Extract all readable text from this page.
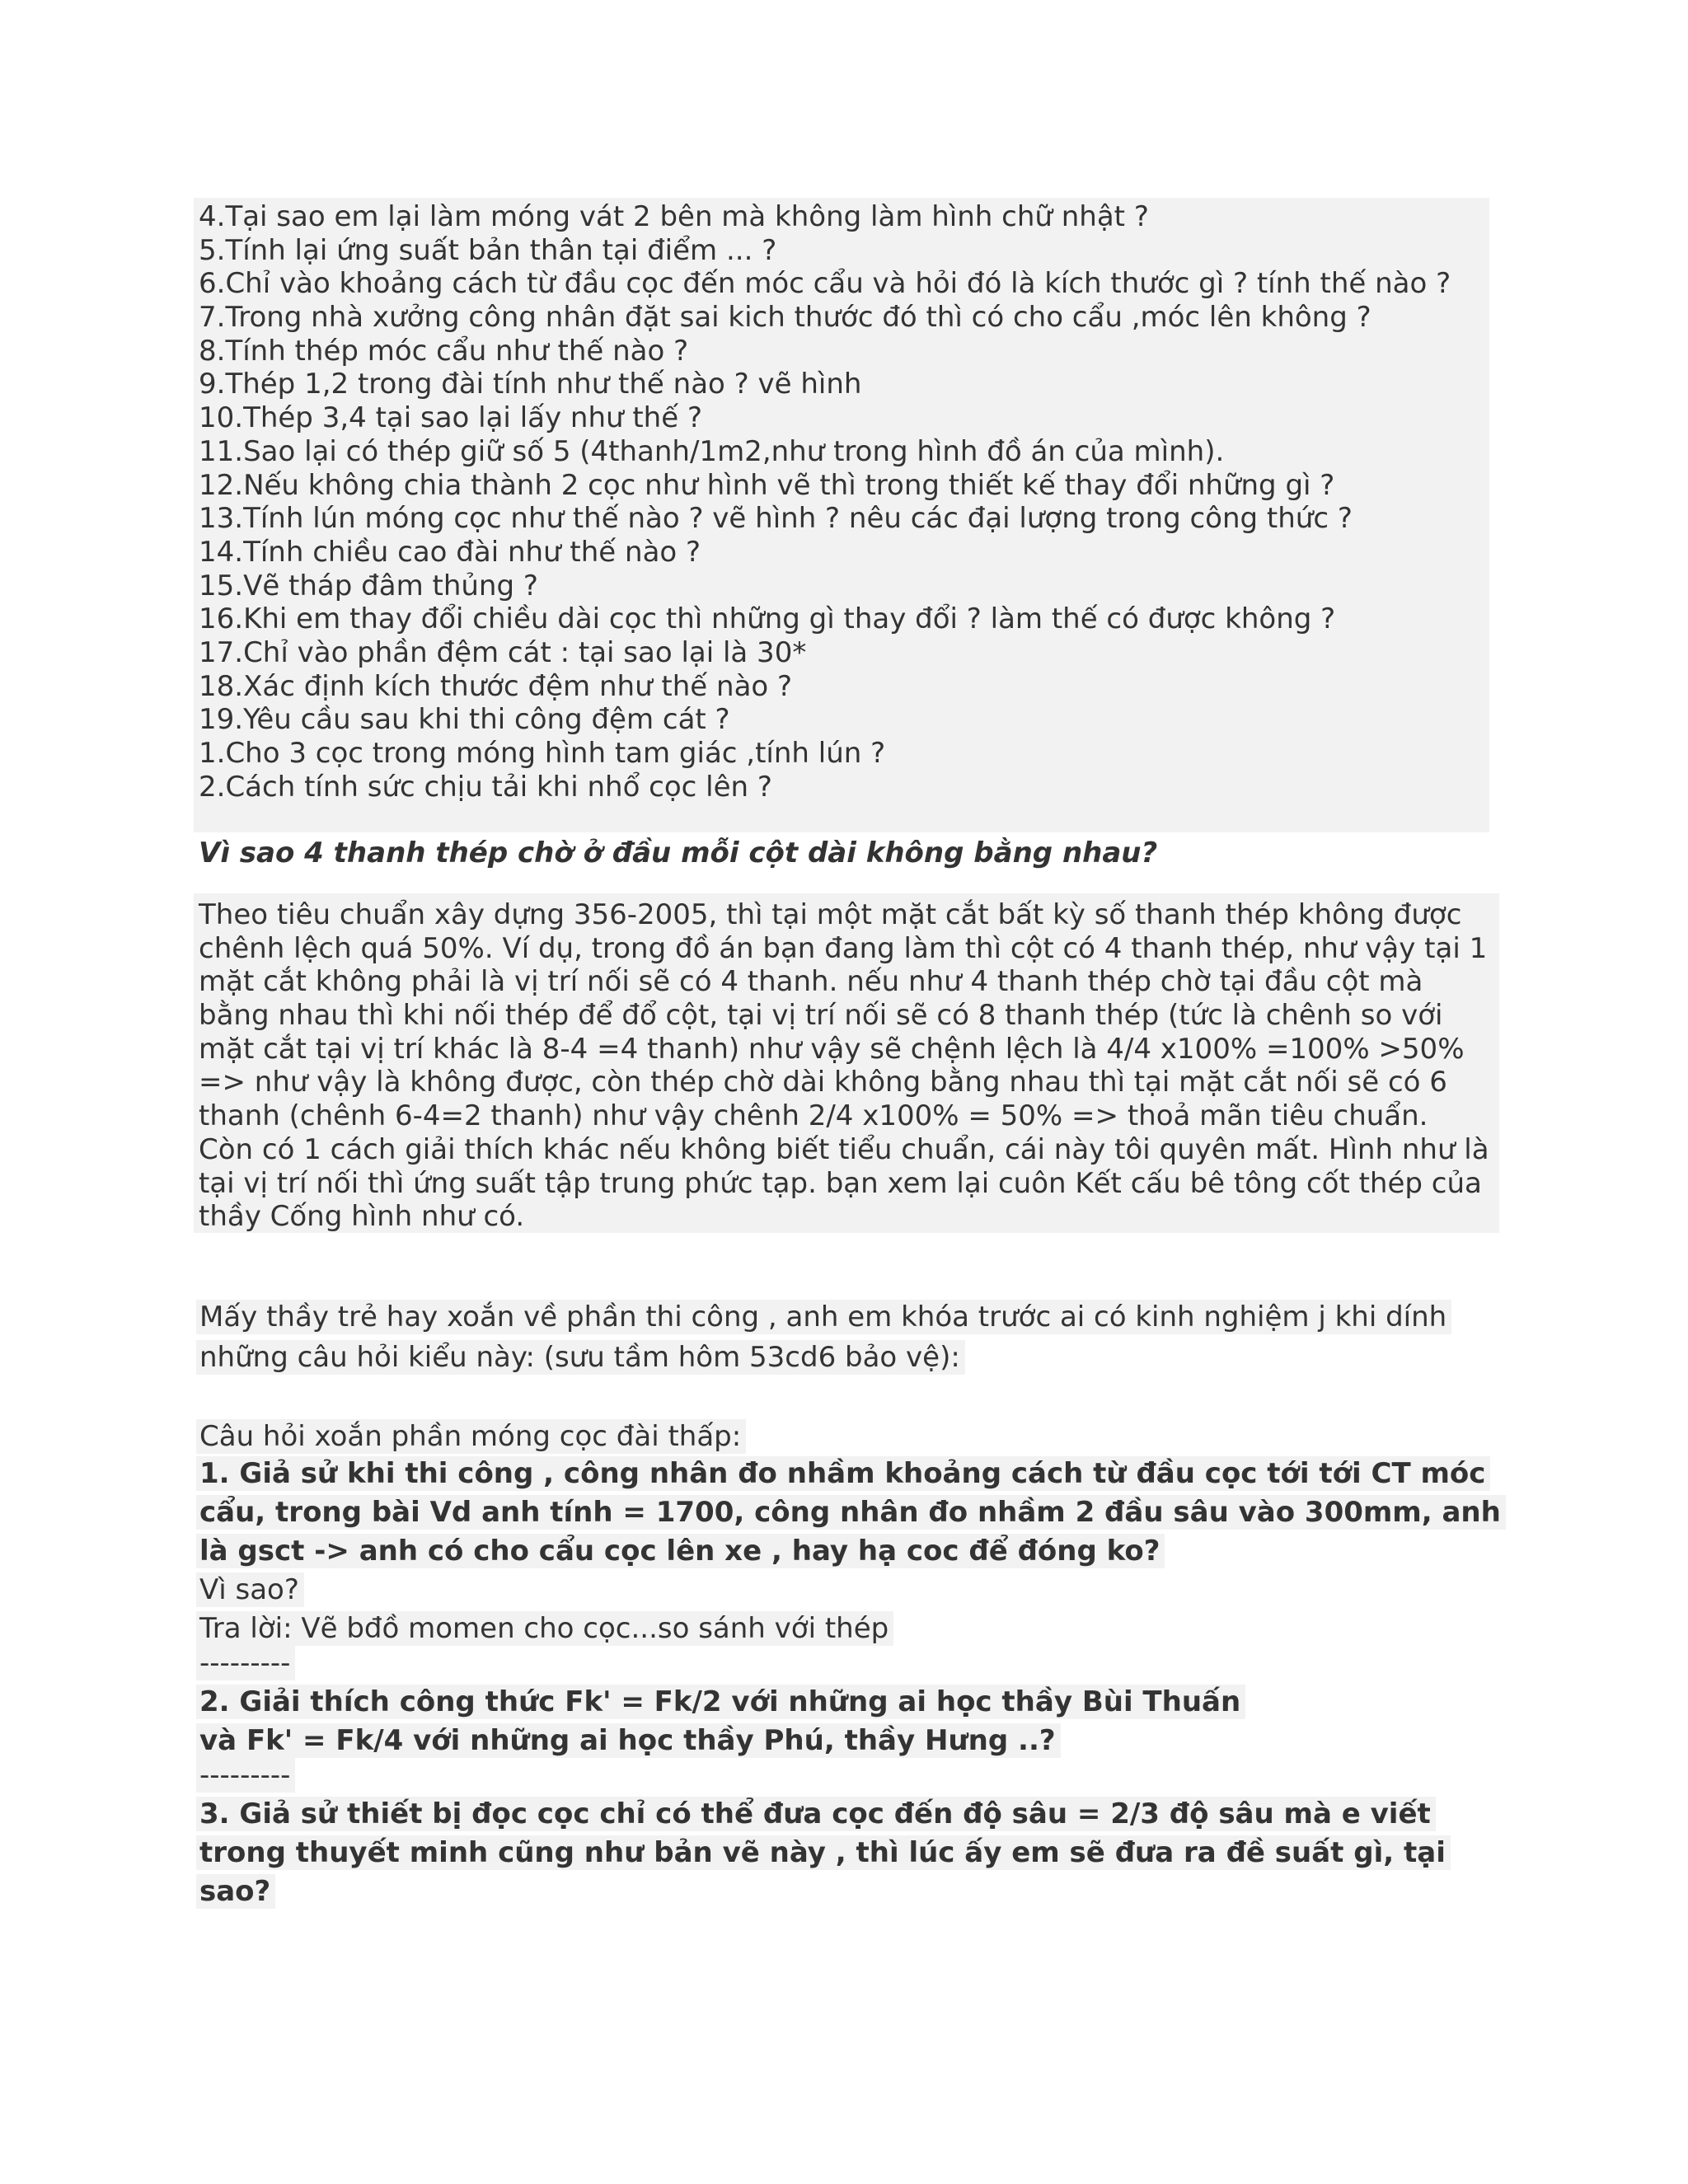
4.Tại sao em lại làm móng vát 2 bên mà không làm hình chữ nhật ?
5.Tính lại ứng suất bản thân tại điểm ... ?
6.Chỉ vào khoảng cách từ đầu cọc đến móc cẩu và hỏi đó là kích thước gì ? tính thế nào ?
7.Trong nhà xưởng công nhân đặt sai kich thước đó thì có cho cẩu ,móc lên không ?
8.Tính thép móc cẩu như thế nào ?
9.Thép 1,2 trong đài tính như thế nào ? vẽ hình
10.Thép 3,4 tại sao lại lấy như thế ?
11.Sao lại có thép giữ số 5 (4thanh/1m2,như trong hình đồ án của mình).
12.Nếu không chia thành 2 cọc như hình vẽ thì trong thiết kế thay đổi những gì ?
13.Tính lún móng cọc như thế nào ? vẽ hình ? nêu các đại lượng trong công thức ?
14.Tính chiều cao đài như thế nào ?
15.Vẽ tháp đâm thủng ?
16.Khi em thay đổi chiều dài cọc thì những gì thay đổi ? làm thế có được không ?
17.Chỉ vào phần đệm cát : tại sao lại là 30*
18.Xác định kích thước đệm như thế nào ?
19.Yêu cầu sau khi thi công đệm cát ?
1.Cho 3 cọc trong móng hình tam giác ,tính lún ?
2.Cách tính sức chịu tải khi nhổ cọc lên ?
Vì sao 4 thanh thép chờ ở đầu mỗi cột dài không bằng nhau?
Theo tiêu chuẩn xây dựng 356-2005, thì tại một mặt cắt bất kỳ số thanh thép không được
chênh lệch quá 50%. Ví dụ, trong đồ án bạn đang làm thì cột có 4 thanh thép, như vậy tại 1
mặt cắt không phải là vị trí nối sẽ có 4 thanh. nếu như 4 thanh thép chờ tại đầu cột mà
bằng nhau thì khi nối thép để đổ cột, tại vị trí nối sẽ có 8 thanh thép (tức là chênh so với
mặt cắt tại vị trí khác là 8-4 =4 thanh) như vậy sẽ chệnh lệch là 4/4 x100% =100% >50%
=> như vậy là không được, còn thép chờ dài không bằng nhau thì tại mặt cắt nối sẽ có 6
thanh (chênh 6-4=2 thanh) như vậy chênh 2/4 x100% = 50% => thoả mãn tiêu chuẩn.
Còn có 1 cách giải thích khác nếu không biết tiểu chuẩn, cái này tôi quyên mất. Hình như là
tại vị trí nối thì ứng suất tập trung phức tạp. bạn xem lại cuôn Kết cấu bê tông cốt thép của
thầy Cống hình như có.
Mấy thầy trẻ hay xoắn về phần thi công , anh em khóa trước ai có kinh nghiệm j khi dính
những câu hỏi kiểu này: (sưu tầm hôm 53cd6 bảo vệ):
Câu hỏi xoắn phần móng cọc đài thấp:
1. Giả sử khi thi công , công nhân đo nhầm khoảng cách từ đầu cọc tới tới CT móc
cẩu, trong bài Vd anh tính = 1700, công nhân đo nhầm 2 đầu sâu vào 300mm, anh
là gsct -> anh có cho cẩu cọc lên xe , hay hạ coc để đóng ko?
Vì sao?
Tra lời: Vẽ bđồ momen cho cọc...so sánh với thép
---------
2. Giải thích công thức Fk' = Fk/2 với những ai học thầy Bùi Thuấn
và Fk' = Fk/4 với những ai học thầy Phú, thầy Hưng ..?
---------
3. Giả sử thiết bị đọc cọc chỉ có thể đưa cọc đến độ sâu = 2/3 độ sâu mà e viết
trong thuyết minh cũng như bản vẽ này , thì lúc ấy em sẽ đưa ra đề suất gì, tại
sao?
